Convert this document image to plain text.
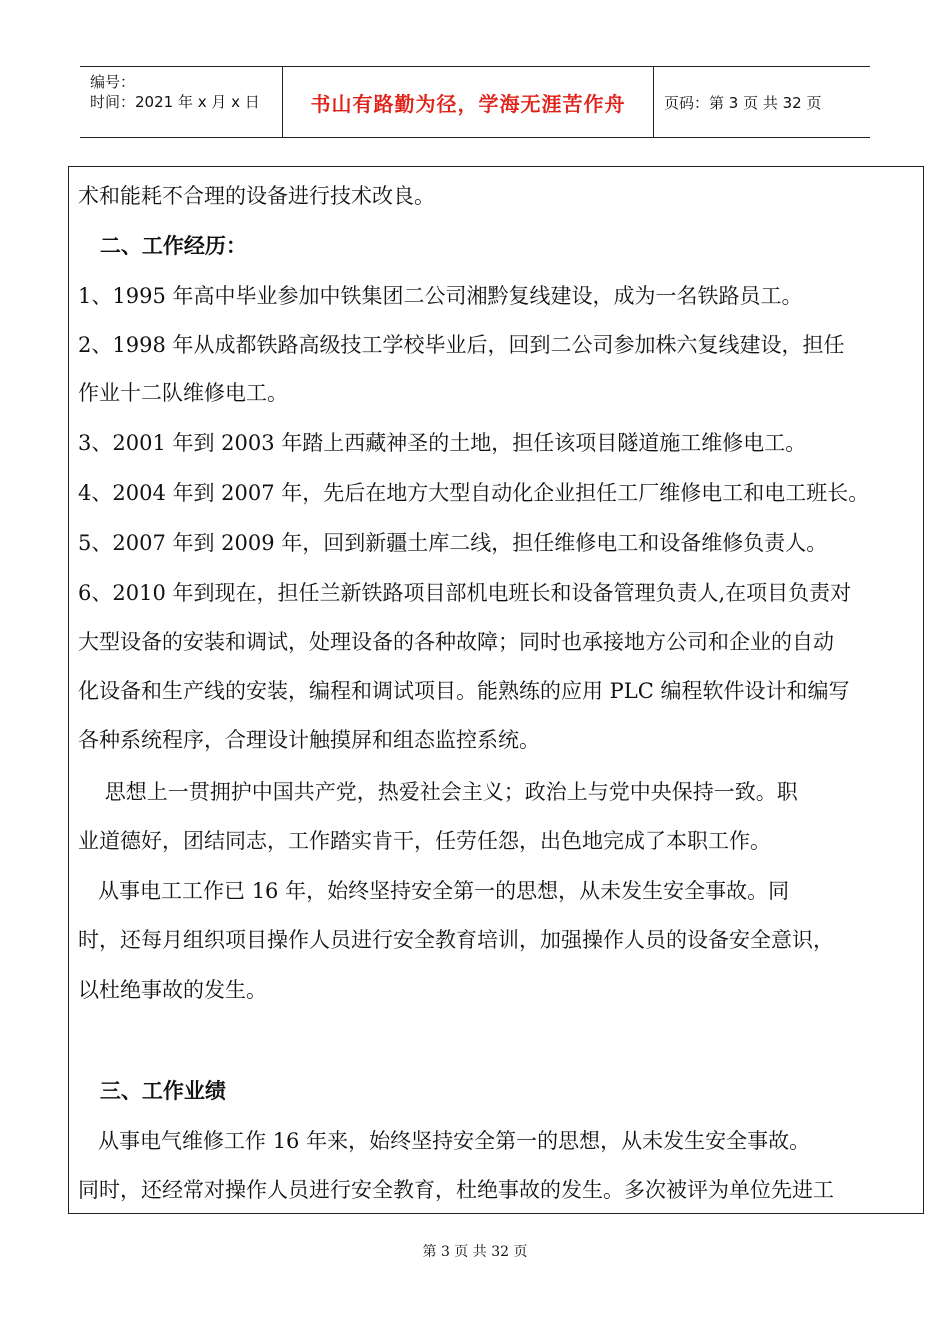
编号：
时间：2021 年 x 月 x 日	书山有路勤为径，学海无涯苦作舟	页码：第 3 页 共 32 页
术和能耗不合理的设备进行技术改良。
二、工作经历：
1、1995 年高中毕业参加中铁集团二公司湘黔复线建设，成为一名铁路员工。
2、1998 年从成都铁路高级技工学校毕业后，回到二公司参加株六复线建设，担任
作业十二队维修电工。
3、2001 年到 2003 年踏上西藏神圣的土地，担任该项目隧道施工维修电工。
4、2004 年到 2007 年，先后在地方大型自动化企业担任工厂维修电工和电工班长。
5、2007 年到 2009 年，回到新疆土库二线，担任维修电工和设备维修负责人。
6、2010 年到现在，担任兰新铁路项目部机电班长和设备管理负责人,在项目负责对
大型设备的安装和调试，处理设备的各种故障；同时也承接地方公司和企业的自动
化设备和生产线的安装，编程和调试项目。能熟练的应用 PLC 编程软件设计和编写
各种系统程序，合理设计触摸屏和组态监控系统。
思想上一贯拥护中国共产党，热爱社会主义；政治上与党中央保持一致。职
业道德好，团结同志，工作踏实肯干，任劳任怨，出色地完成了本职工作。
从事电工工作已 16 年，始终坚持安全第一的思想，从未发生安全事故。同
时，还每月组织项目操作人员进行安全教育培训，加强操作人员的设备安全意识，
以杜绝事故的发生。
三、工作业绩
从事电气维修工作 16 年来，始终坚持安全第一的思想，从未发生安全事故。
同时，还经常对操作人员进行安全教育，杜绝事故的发生。多次被评为单位先进工
第 3 页 共 32 页
